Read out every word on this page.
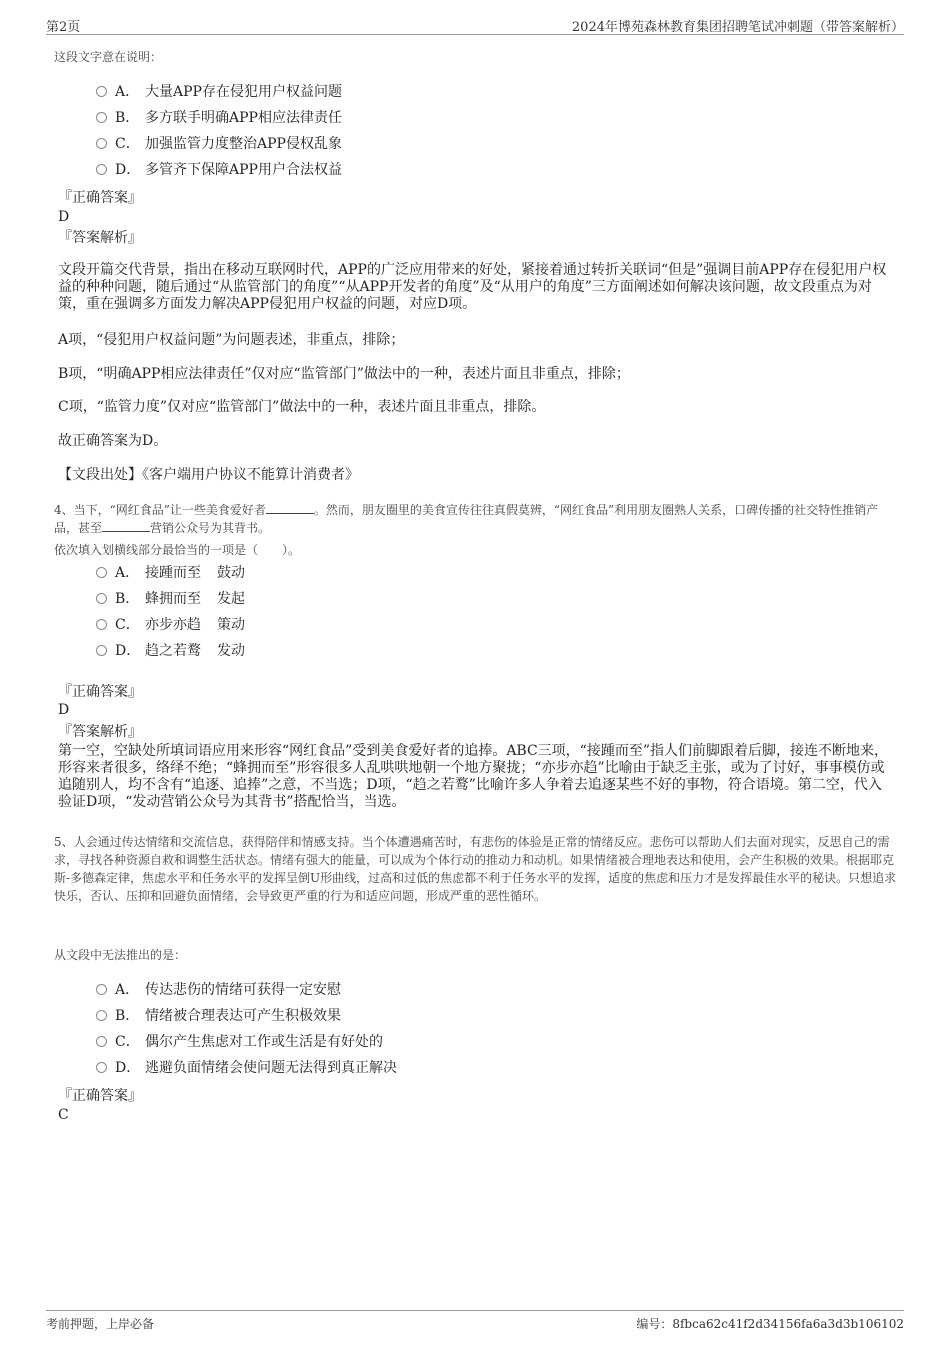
第2页	2024年博苑森林教育集团招聘笔试冲刺题（带答案解析）
这段文字意在说明：
A． 大量APP存在侵犯用户权益问题
B． 多方联手明确APP相应法律责任
C． 加强监管力度整治APP侵权乱象
D． 多管齐下保障APP用户合法权益
『正确答案』
D
『答案解析』
文段开篇交代背景，指出在移动互联网时代，APP的广泛应用带来的好处，紧接着通过转折关联词“但是”强调目前APP存在侵犯用户权益的种种问题，随后通过“从监管部门的角度”“从APP开发者的角度”及“从用户的角度”三方面阐述如何解决该问题，故文段重点为对策，重在强调多方面发力解决APP侵犯用户权益的问题，对应D项。
A项，“侵犯用户权益问题”为问题表述，非重点，排除；
B项，“明确APP相应法律责任”仅对应“监管部门”做法中的一种，表述片面且非重点，排除；
C项，“监管力度”仅对应“监管部门”做法中的一种，表述片面且非重点，排除。
故正确答案为D。
【文段出处】《客户端用户协议不能算计消费者》
4、当下，“网红食品”让一些美食爱好者	。然而，朋友圈里的美食宣传往往真假莫辨，“网红食品”利用朋友圈熟人关系，口碑传播的社交特性推销产品，甚至	营销公众号为其背书。
依次填入划横线部分最恰当的一项是（　　）。
A． 接踵而至 鼓动
B． 蜂拥而至 发起
C． 亦步亦趋 策动
D． 趋之若鹜 发动
『正确答案』
D
『答案解析』
第一空，空缺处所填词语应用来形容“网红食品”受到美食爱好者的追捧。ABC三项，“接踵而至”指人们前脚跟着后脚，接连不断地来，形容来者很多，络绎不绝；“蜂拥而至”形容很多人乱哄哄地朝一个地方聚拢；“亦步亦趋”比喻由于缺乏主张，或为了讨好，事事模仿或追随别人，均不含有“追逐、追捧”之意，不当选；D项，“趋之若鹜”比喻许多人争着去追逐某些不好的事物，符合语境。第二空，代入验证D项，“发动营销公众号为其背书”搭配恰当，当选。
5、人会通过传达情绪和交流信息，获得陪伴和情感支持。当个体遭遇痛苦时，有悲伤的体验是正常的情绪反应。悲伤可以帮助人们去面对现实，反思自己的需求，寻找各种资源自救和调整生活状态。情绪有强大的能量，可以成为个体行动的推动力和动机。如果情绪被合理地表达和使用，会产生积极的效果。根据耶克斯-多德森定律，焦虑水平和任务水平的发挥呈倒U形曲线，过高和过低的焦虑都不利于任务水平的发挥，适度的焦虑和压力才是发挥最佳水平的秘诀。只想追求快乐，否认、压抑和回避负面情绪，会导致更严重的行为和适应问题，形成严重的恶性循环。
从文段中无法推出的是：
A． 传达悲伤的情绪可获得一定安慰
B． 情绪被合理表达可产生积极效果
C． 偶尔产生焦虑对工作或生活是有好处的
D． 逃避负面情绪会使问题无法得到真正解决
『正确答案』
C
考前押题，上岸必备	编号：8fbca62c41f2d34156fa6a3d3b106102
